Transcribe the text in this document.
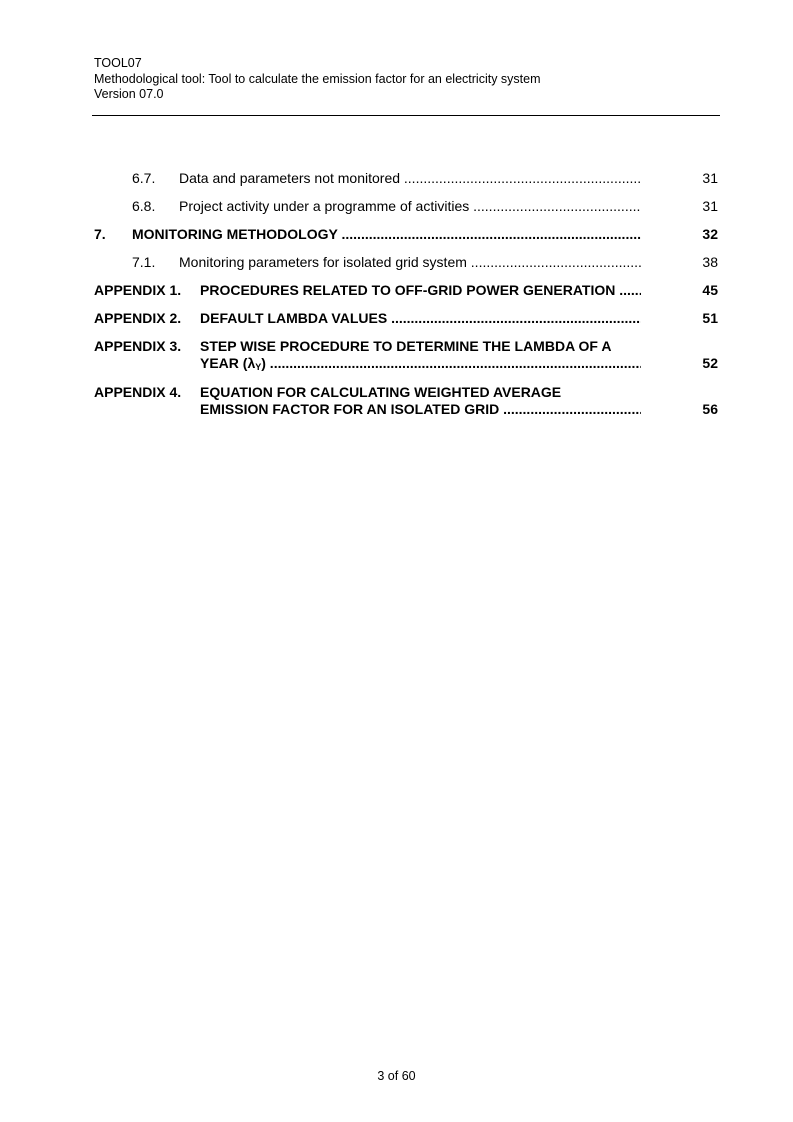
TOOL07
Methodological tool: Tool to calculate the emission factor for an electricity system
Version 07.0
6.7. Data and parameters not monitored .....	31
6.8. Project activity under a programme of activities .....	31
7. MONITORING METHODOLOGY .....	32
7.1. Monitoring parameters for isolated grid system .....	38
APPENDIX 1. PROCEDURES RELATED TO OFF-GRID POWER GENERATION .....	45
APPENDIX 2. DEFAULT LAMBDA VALUES .....	51
APPENDIX 3. STEP WISE PROCEDURE TO DETERMINE THE LAMBDA OF A
YEAR $(\lambda_Y)$ .....	52
APPENDIX 4. EQUATION FOR CALCULATING WEIGHTED AVERAGE
EMISSION FACTOR FOR AN ISOLATED GRID .....	56
3 of 60
